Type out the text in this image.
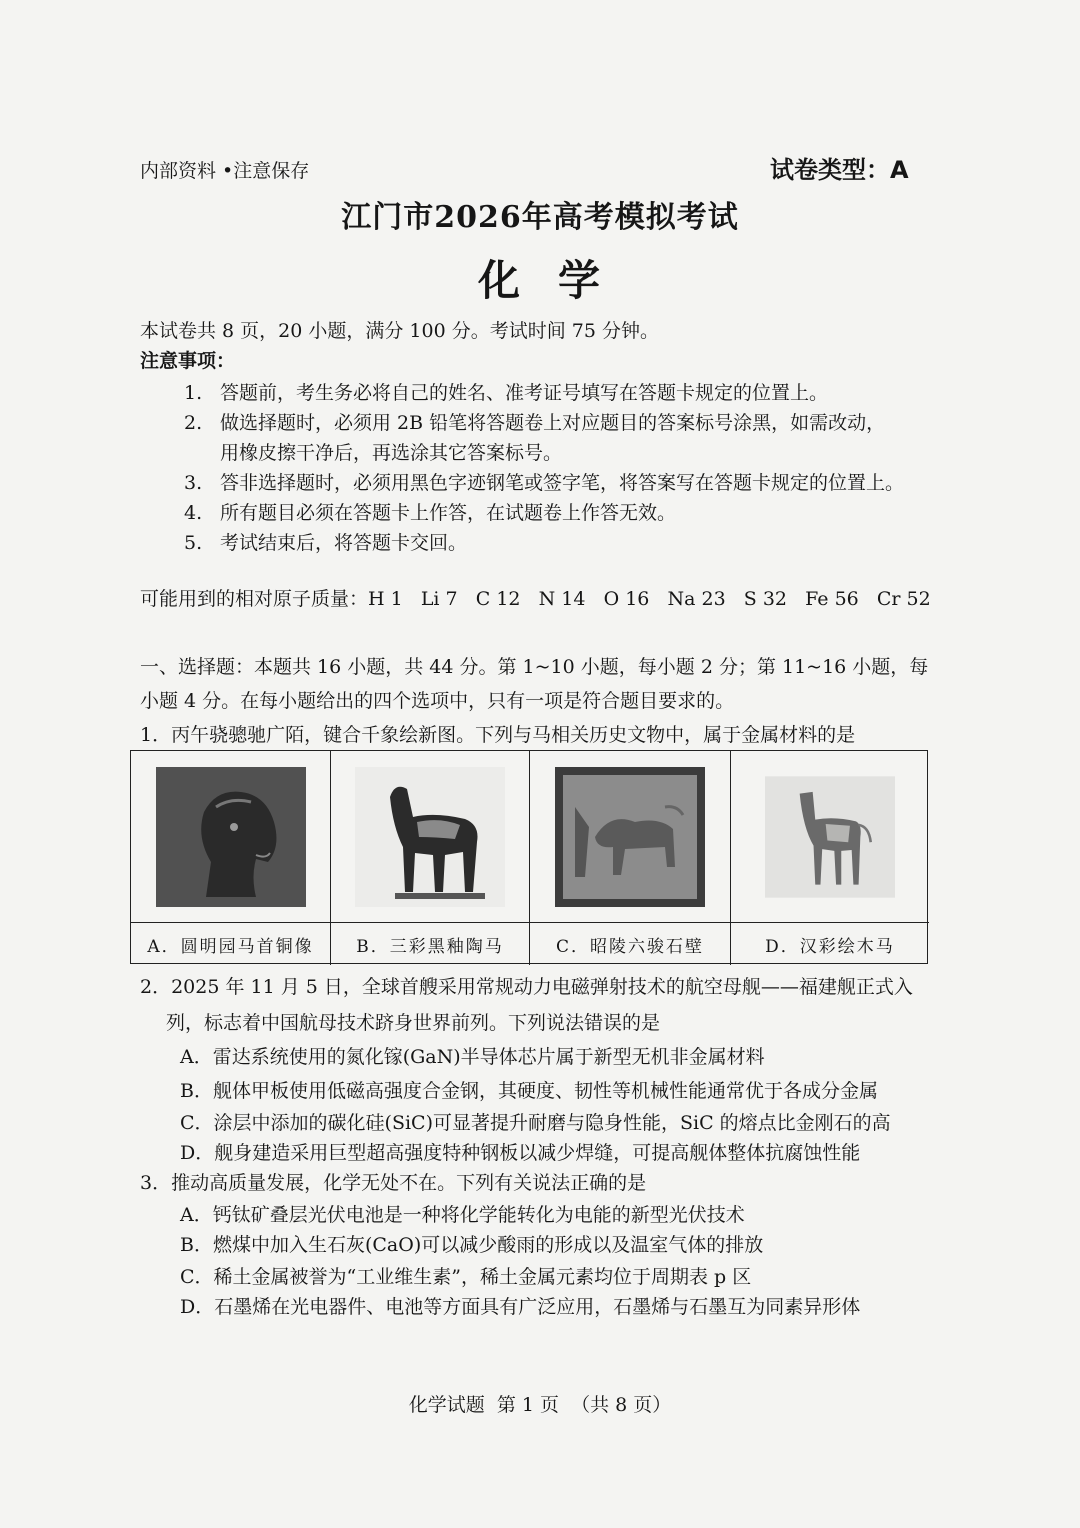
内部资料 •注意保存	试卷类型：A
江门市2026年高考模拟考试
化学
本试卷共 8 页，20 小题，满分 100 分。考试时间 75 分钟。
注意事项：
1. 答题前，考生务必将自己的姓名、准考证号填写在答题卡规定的位置上。
2. 做选择题时，必须用 2B 铅笔将答题卷上对应题目的答案标号涂黑，如需改动，
用橡皮擦干净后，再选涂其它答案标号。
3. 答非选择题时，必须用黑色字迹钢笔或签字笔，将答案写在答题卡规定的位置上。
4. 所有题目必须在答题卡上作答，在试题卷上作答无效。
5. 考试结束后，将答题卡交回。
可能用到的相对原子质量：H 1   Li 7   C 12   N 14   O 16   Na 23   S 32   Fe 56   Cr 52
一、选择题：本题共 16 小题，共 44 分。第 1~10 小题，每小题 2 分；第 11~16 小题，每
小题 4 分。在每小题给出的四个选项中，只有一项是符合题目要求的。
1．丙午骁骢驰广陌，键合千象绘新图。下列与马相关历史文物中，属于金属材料的是
A．圆明园马首铜像	B．三彩黑釉陶马	C．昭陵六骏石壁	D．汉彩绘木马
2．2025 年 11 月 5 日，全球首艘采用常规动力电磁弹射技术的航空母舰——福建舰正式入
列，标志着中国航母技术跻身世界前列。下列说法错误的是
A．雷达系统使用的氮化镓(GaN)半导体芯片属于新型无机非金属材料
B．舰体甲板使用低磁高强度合金钢，其硬度、韧性等机械性能通常优于各成分金属
C．涂层中添加的碳化硅(SiC)可显著提升耐磨与隐身性能，SiC 的熔点比金刚石的高
D．舰身建造采用巨型超高强度特种钢板以减少焊缝，可提高舰体整体抗腐蚀性能
3．推动高质量发展，化学无处不在。下列有关说法正确的是
A．钙钛矿叠层光伏电池是一种将化学能转化为电能的新型光伏技术
B．燃煤中加入生石灰(CaO)可以减少酸雨的形成以及温室气体的排放
C．稀土金属被誉为“工业维生素”，稀土金属元素均位于周期表 p 区
D．石墨烯在光电器件、电池等方面具有广泛应用，石墨烯与石墨互为同素异形体
化学试题  第 1 页  （共 8 页）
